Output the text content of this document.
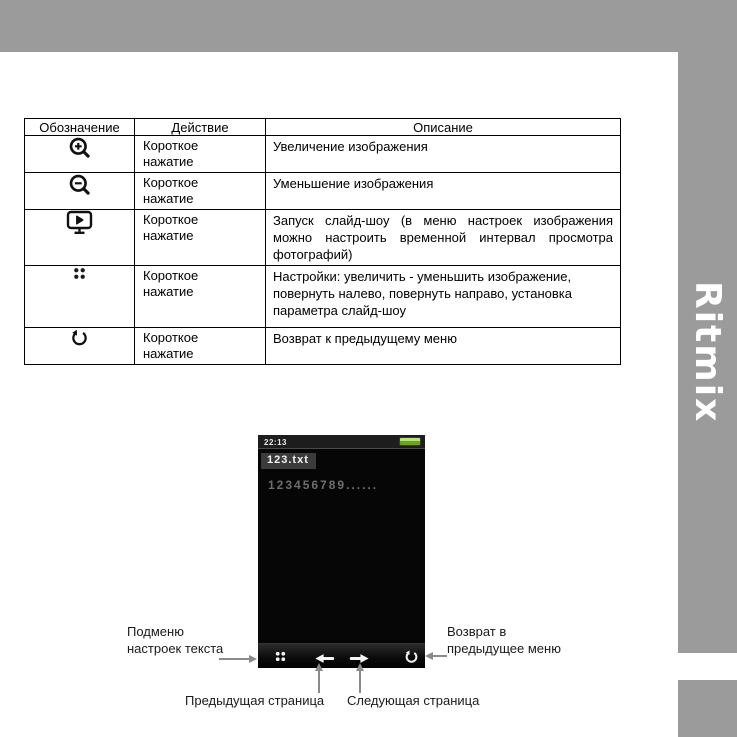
Ritmix
Обозначение	Действие	Описание
	Короткое нажатие	Увеличение изображения
	Короткое нажатие	Уменьшение изображения
	Короткое нажатие	Запуск слайд-шоу (в меню настроек изображения можно настроить временной интервал просмотра фотографий)
	Короткое нажатие	Настройки: увеличить - уменьшить изображение, повернуть налево, повернуть направо, установка параметра слайд-шоу
	Короткое нажатие	Возврат к предыдущему меню
22:13
123.txt
123456789......
Подменю
настроек текста
Возврат в
предыдущее меню
Предыдущая страница Следующая страница
